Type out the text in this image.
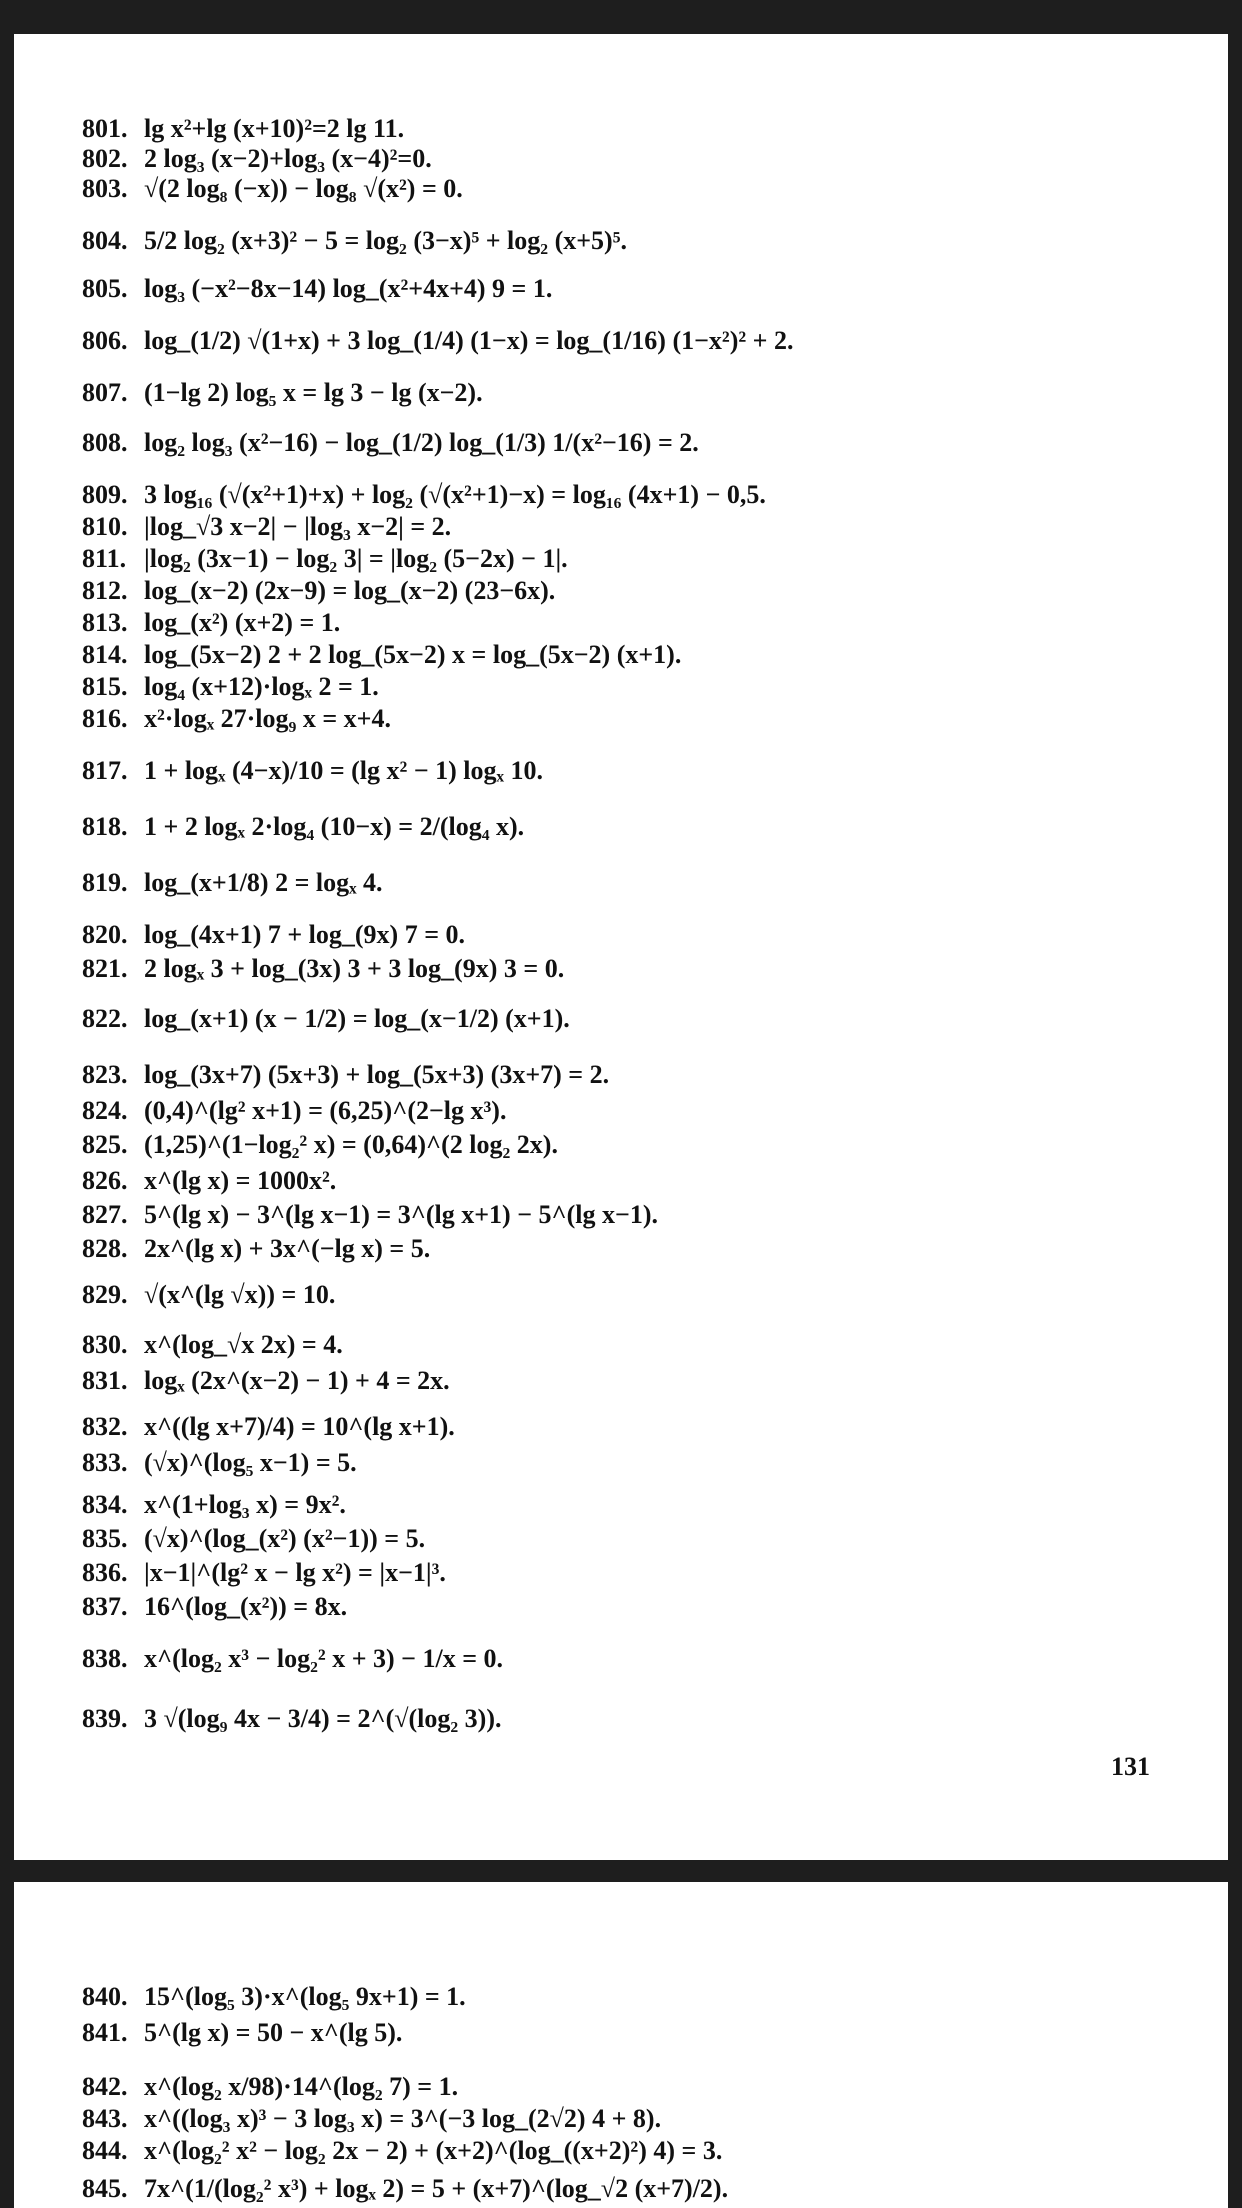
801. lg x²+lg (x+10)²=2 lg 11.
802. 2 log₃ (x−2)+log₃ (x−4)²=0.
803. √(2 log₈ (−x)) − log₈ √(x²) = 0.
804. 5/2 log₂ (x+3)² − 5 = log₂ (3−x)⁵ + log₂ (x+5)⁵.
805. log₃ (−x²−8x−14) log_(x²+4x+4) 9 = 1.
806. log_(1/2) √(1+x) + 3 log_(1/4) (1−x) = log_(1/16) (1−x²)² + 2.
807. (1−lg 2) log₅ x = lg 3 − lg (x−2).
808. log₂ log₃ (x²−16) − log_(1/2) log_(1/3) 1/(x²−16) = 2.
809. 3 log₁₆ (√(x²+1)+x) + log₂ (√(x²+1)−x) = log₁₆ (4x+1) − 0,5.
810. |log_√3 x−2| − |log₃ x−2| = 2.
811. |log₂ (3x−1) − log₂ 3| = |log₂ (5−2x) − 1|.
812. log_(x−2) (2x−9) = log_(x−2) (23−6x).
813. log_(x²) (x+2) = 1.
814. log_(5x−2) 2 + 2 log_(5x−2) x = log_(5x−2) (x+1).
815. log₄ (x+12)·logₓ 2 = 1.
816. x²·logₓ 27·log₉ x = x+4.
817. 1 + logₓ (4−x)/10 = (lg x² − 1) logₓ 10.
818. 1 + 2 logₓ 2·log₄ (10−x) = 2/(log₄ x).
819. log_(x+1/8) 2 = logₓ 4.
820. log_(4x+1) 7 + log_(9x) 7 = 0.
821. 2 logₓ 3 + log_(3x) 3 + 3 log_(9x) 3 = 0.
822. log_(x+1) (x − 1/2) = log_(x−1/2) (x+1).
823. log_(3x+7) (5x+3) + log_(5x+3) (3x+7) = 2.
824. (0,4)^(lg² x+1) = (6,25)^(2−lg x³).
825. (1,25)^(1−log₂² x) = (0,64)^(2 log₂ 2x).
826. x^(lg x) = 1000x².
827. 5^(lg x) − 3^(lg x−1) = 3^(lg x+1) − 5^(lg x−1).
828. 2x^(lg x) + 3x^(−lg x) = 5.
829. √(x^(lg √x)) = 10.
830. x^(log_√x 2x) = 4.
831. logₓ (2x^(x−2) − 1) + 4 = 2x.
832. x^((lg x+7)/4) = 10^(lg x+1).
833. (√x)^(log₅ x−1) = 5.
834. x^(1+log₃ x) = 9x².
835. (√x)^(log_(x²) (x²−1)) = 5.
836. |x−1|^(lg² x − lg x²) = |x−1|³.
837. 16^(log_(x²)) = 8x.
838. x^(log₂ x³ − log₂² x + 3) − 1/x = 0.
839. 3 √(log₉ 4x − 3/4) = 2^(√(log₂ 3)).
131
840. 15^(log₅ 3)·x^(log₅ 9x+1) = 1.
841. 5^(lg x) = 50 − x^(lg 5).
842. x^(log₂ x/98)·14^(log₂ 7) = 1.
843. x^((log₃ x)³ − 3 log₃ x) = 3^(−3 log_(2√2) 4 + 8).
844. x^(log₂² x² − log₂ 2x − 2) + (x+2)^(log_((x+2)²) 4) = 3.
845. 7x^(1/(log₂² x³) + logₓ 2) = 5 + (x+7)^(log_√2 (x+7)/2).
